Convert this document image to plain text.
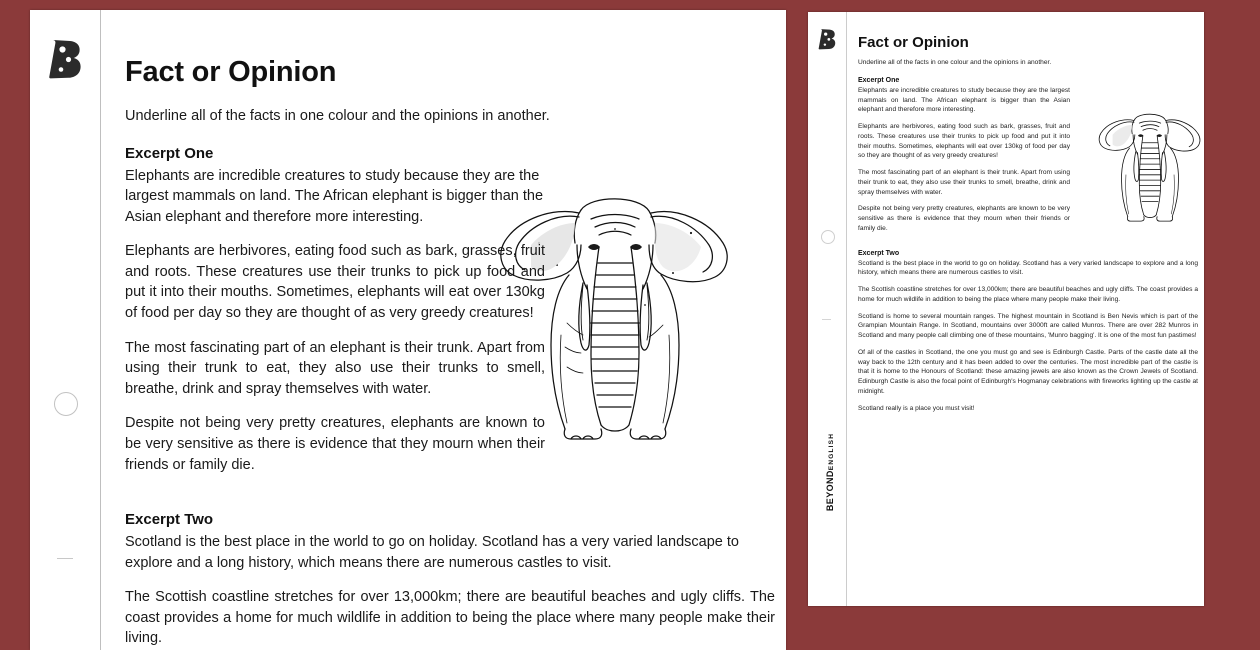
Fact or Opinion

Underline all of the facts in one colour and the opinions in another.

Excerpt One

Elephants are incredible creatures to study because they are the largest mammals on land. The African elephant is bigger than the Asian elephant and therefore more interesting.

Elephants are herbivores, eating food such as bark, grasses, fruit and roots. These creatures use their trunks to pick up food and put it into their mouths. Sometimes, elephants will eat over 130kg of food per day so they are thought of as very greedy creatures!

The most fascinating part of an elephant is their trunk. Apart from using their trunk to eat, they also use their trunks to smell, breathe, drink and spray themselves with water.

Despite not being very pretty creatures, elephants are known to be very sensitive as there is evidence that they mourn when their friends or family die.

Excerpt Two

Scotland is the best place in the world to go on holiday. Scotland has a very varied landscape to explore and a long history, which means there are numerous castles to visit.

The Scottish coastline stretches for over 13,000km; there are beautiful beaches and ugly cliffs. The coast provides a home for much wildlife in addition to being the place where many people make their living.

BEYONDENGLISH
Fact or Opinion

Underline all of the facts in one colour and the opinions in another.

Excerpt One

Elephants are incredible creatures to study because they are the largest mammals on land. The African elephant is bigger than the Asian elephant and therefore more interesting.

Elephants are herbivores, eating food such as bark, grasses, fruit and roots. These creatures use their trunks to pick up food and put it into their mouths. Sometimes, elephants will eat over 130kg of food per day so they are thought of as very greedy creatures!

The most fascinating part of an elephant is their trunk. Apart from using their trunk to eat, they also use their trunks to smell, breathe, drink and spray themselves with water.

Despite not being very pretty creatures, elephants are known to be very sensitive as there is evidence that they mourn when their friends or family die.

Excerpt Two

Scotland is the best place in the world to go on holiday. Scotland has a very varied landscape to explore and a long history, which means there are numerous castles to visit.

The Scottish coastline stretches for over 13,000km; there are beautiful beaches and ugly cliffs. The coast provides a home for much wildlife in addition to being the place where many people make their living.

Scotland is home to several mountain ranges. The highest mountain in Scotland is Ben Nevis which is part of the Grampian Mountain Range. In Scotland, mountains over 3000ft are called Munros. There are over 282 Munros in Scotland and many people call climbing one of these mountains, 'Munro bagging'. It is one of the most fun pastimes!

Of all of the castles in Scotland, the one you must go and see is Edinburgh Castle. Parts of the castle date all the way back to the 12th century and it has been added to over the centuries. The most incredible part of the castle is that it is home to the Honours of Scotland: these amazing jewels are also known as the Crown Jewels of Scotland. Edinburgh Castle is also the focal point of Edinburgh's Hogmanay celebrations with fireworks lighting up the castle at midnight.

Scotland really is a place you must visit!
